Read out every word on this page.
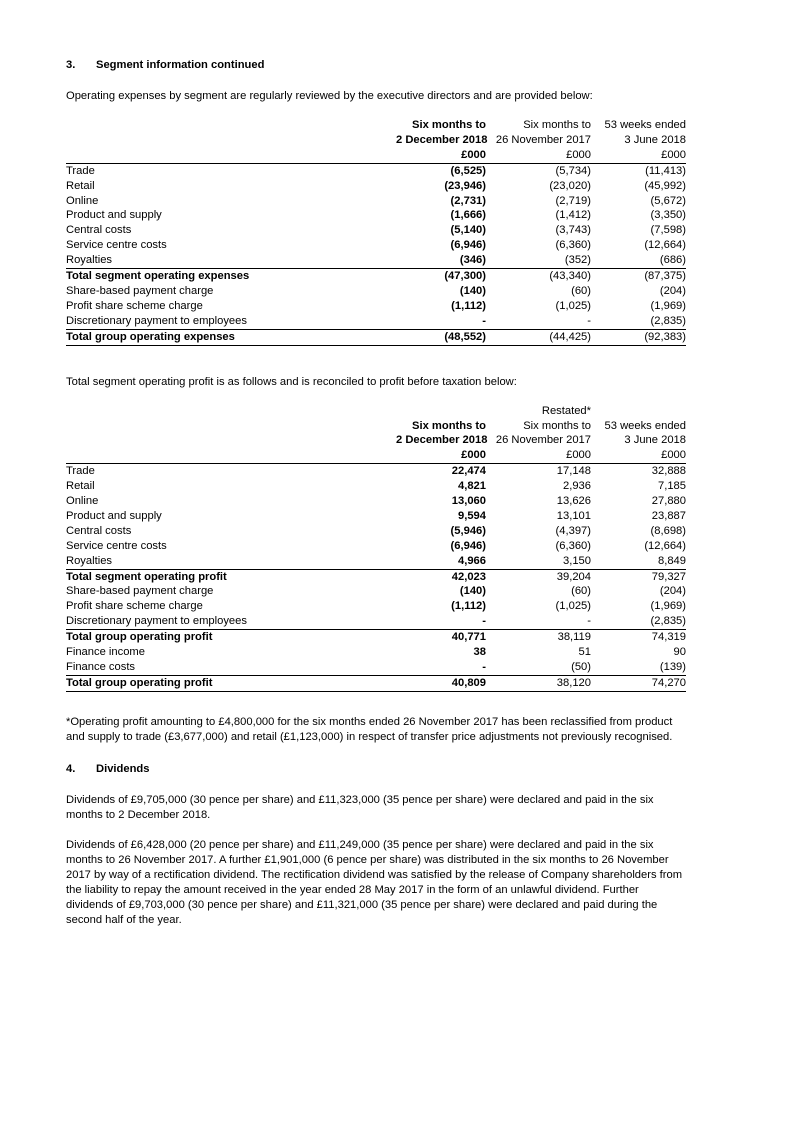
3.	Segment information continued

Operating expenses by segment are regularly reviewed by the executive directors and are provided below:

	Six months to	Six months to	53 weeks ended
	2 December 2018	26 November 2017	3 June 2018
	£000	£000	£000
Trade	(6,525)	(5,734)	(11,413)
Retail	(23,946)	(23,020)	(45,992)
Online	(2,731)	(2,719)	(5,672)
Product and supply	(1,666)	(1,412)	(3,350)
Central costs	(5,140)	(3,743)	(7,598)
Service centre costs	(6,946)	(6,360)	(12,664)
Royalties	(346)	(352)	(686)
Total segment operating expenses	(47,300)	(43,340)	(87,375)
Share-based payment charge	(140)	(60)	(204)
Profit share scheme charge	(1,112)	(1,025)	(1,969)
Discretionary payment to employees	-	-	(2,835)
Total group operating expenses	(48,552)	(44,425)	(92,383)

Total segment operating profit is as follows and is reconciled to profit before taxation below:

		Restated*	
	Six months to	Six months to	53 weeks ended
	2 December 2018	26 November 2017	3 June 2018
	£000	£000	£000
Trade	22,474	17,148	32,888
Retail	4,821	2,936	7,185
Online	13,060	13,626	27,880
Product and supply	9,594	13,101	23,887
Central costs	(5,946)	(4,397)	(8,698)
Service centre costs	(6,946)	(6,360)	(12,664)
Royalties	4,966	3,150	8,849
Total segment operating profit	42,023	39,204	79,327
Share-based payment charge	(140)	(60)	(204)
Profit share scheme charge	(1,112)	(1,025)	(1,969)
Discretionary payment to employees	-	-	(2,835)
Total group operating profit	40,771	38,119	74,319
Finance income	38	51	90
Finance costs	-	(50)	(139)
Total group operating profit	40,809	38,120	74,270

*Operating profit amounting to £4,800,000 for the six months ended 26 November 2017 has been reclassified from product and supply to trade (£3,677,000) and retail (£1,123,000) in respect of transfer price adjustments not previously recognised.

4.	Dividends

Dividends of £9,705,000 (30 pence per share) and £11,323,000 (35 pence per share) were declared and paid in the six months to 2 December 2018.

Dividends of £6,428,000 (20 pence per share) and £11,249,000 (35 pence per share) were declared and paid in the six months to 26 November 2017. A further £1,901,000 (6 pence per share) was distributed in the six months to 26 November 2017 by way of a rectification dividend. The rectification dividend was satisfied by the release of Company shareholders from the liability to repay the amount received in the year ended 28 May 2017 in the form of an unlawful dividend. Further dividends of £9,703,000 (30 pence per share) and £11,321,000 (35 pence per share) were declared and paid during the second half of the year.
